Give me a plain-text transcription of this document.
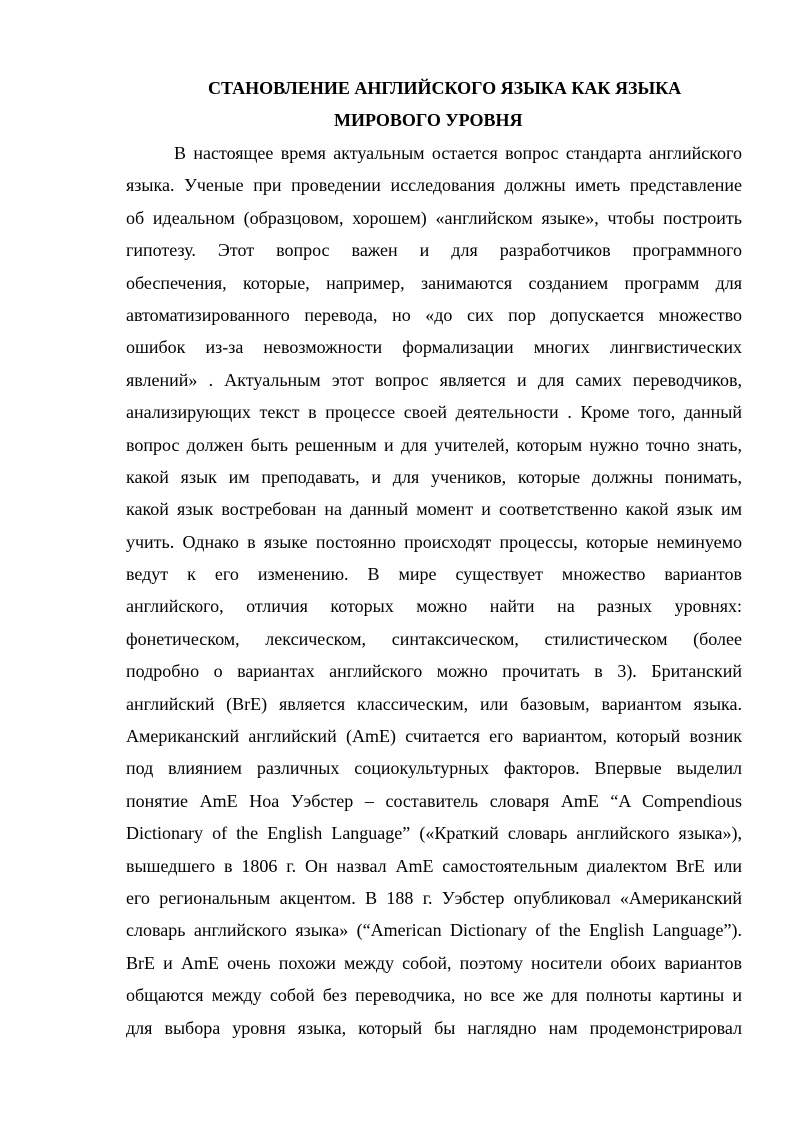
СТАНОВЛЕНИЕ АНГЛИЙСКОГО ЯЗЫКА КАК ЯЗЫКА
МИРОВОГО УРОВНЯ
В настоящее время актуальным остается вопрос стандарта английского
языка. Ученые при проведении исследования должны иметь представление
об идеальном (образцовом, хорошем) «английском языке», чтобы построить
гипотезу. Этот вопрос важен и для разработчиков программного
обеспечения, которые, например, занимаются созданием программ для
автоматизированного перевода, но «до сих пор допускается множество
ошибок из-за невозможности формализации многих лингвистических
явлений» . Актуальным этот вопрос является и для самих переводчиков,
анализирующих текст в процессе своей деятельности . Кроме того, данный
вопрос должен быть решенным и для учителей, которым нужно точно знать,
какой язык им преподавать, и для учеников, которые должны понимать,
какой язык востребован на данный момент и соответственно какой язык им
учить. Однако в языке постоянно происходят процессы, которые неминуемо
ведут к его изменению. В мире существует множество вариантов
английского, отличия которых можно найти на разных уровнях:
фонетическом, лексическом, синтаксическом, стилистическом (более
подробно о вариантах английского можно прочитать в 3). Британский
английский (BrE) является классическим, или базовым, вариантом языка.
Американский английский (AmE) считается его вариантом, который возник
под влиянием различных социокультурных факторов. Впервые выделил
понятие AmE Ноа Уэбстер – составитель словаря AmE “A Compendious
Dictionary of the English Language” («Краткий словарь английского языка»),
вышедшего в 1806 г. Он назвал AmE самостоятельным диалектом BrE или
его региональным акцентом. В 188 г. Уэбстер опубликовал «Американский
словарь английского языка» (“American Dictionary of the English Language”).
BrE и AmE очень похожи между собой, поэтому носители обоих вариантов
общаются между собой без переводчика, но все же для полноты картины и
для выбора уровня языка, который бы наглядно нам продемонстрировал
